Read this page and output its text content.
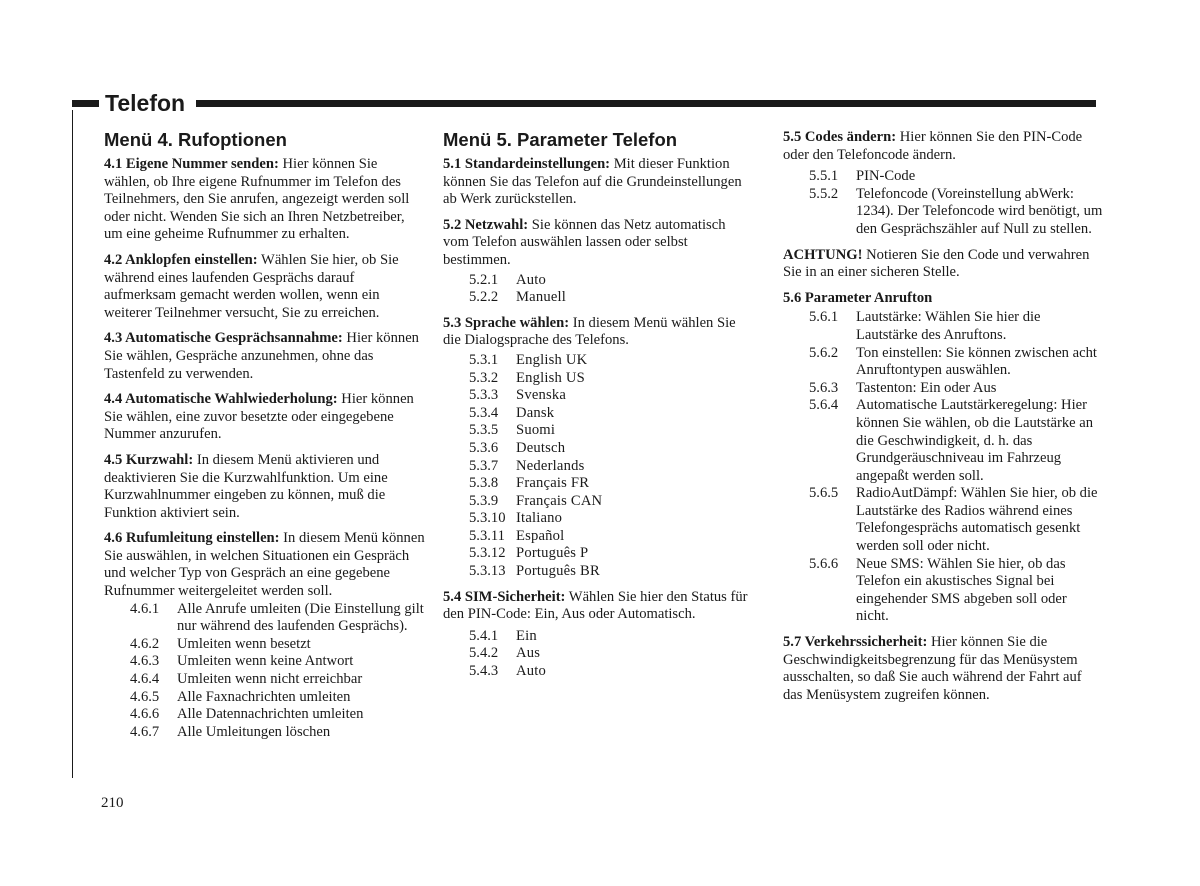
Telefon
Menü 4. Rufoptionen

4.1 Eigene Nummer senden: Hier können Sie wählen, ob Ihre eigene Rufnummer im Telefon des Teilnehmers, den Sie anrufen, angezeigt werden soll oder nicht. Wenden Sie sich an Ihren Netzbetreiber, um eine geheime Rufnummer zu erhalten.

4.2 Anklopfen einstellen: Wählen Sie hier, ob Sie während eines laufenden Gesprächs darauf aufmerksam gemacht werden wollen, wenn ein weiterer Teilnehmer versucht, Sie zu erreichen.

4.3 Automatische Gesprächsannahme: Hier können Sie wählen, Gespräche anzunehmen, ohne das Tastenfeld zu verwenden.

4.4 Automatische Wahlwiederholung: Hier können Sie wählen, eine zuvor besetzte oder eingegebene Nummer anzurufen.

4.5 Kurzwahl: In diesem Menü aktivieren und deaktivieren Sie die Kurzwahlfunktion. Um eine Kurzwahlnummer eingeben zu können, muß die Funktion aktiviert sein.

4.6 Rufumleitung einstellen: In diesem Menü können Sie auswählen, in welchen Situationen ein Gespräch und welcher Typ von Gespräch an eine gegebene Rufnummer weitergeleitet werden soll.

4.6.1	Alle Anrufe umleiten (Die Einstellung gilt nur während des laufenden Gesprächs).
4.6.2	Umleiten wenn besetzt
4.6.3	Umleiten wenn keine Antwort
4.6.4	Umleiten wenn nicht erreichbar
4.6.5	Alle Faxnachrichten umleiten
4.6.6	Alle Datennachrichten umleiten
4.6.7	Alle Umleitungen löschen
Menü 5. Parameter Telefon

5.1 Standardeinstellungen: Mit dieser Funktion können Sie das Telefon auf die Grundeinstellungen ab Werk zurückstellen.

5.2 Netzwahl: Sie können das Netz automatisch vom Telefon auswählen lassen oder selbst bestimmen.

5.2.1	Auto
5.2.2	Manuell

5.3 Sprache wählen: In diesem Menü wählen Sie die Dialogsprache des Telefons.

5.3.1	English UK
5.3.2	English US
5.3.3	Svenska
5.3.4	Dansk
5.3.5	Suomi
5.3.6	Deutsch
5.3.7	Nederlands
5.3.8	Français FR
5.3.9	Français CAN
5.3.10 Italiano
5.3.11 Español
5.3.12 Português P
5.3.13 Português BR

5.4 SIM-Sicherheit: Wählen Sie hier den Status für den PIN-Code: Ein, Aus oder Automatisch.

5.4.1	Ein
5.4.2	Aus
5.4.3	Auto

5.5 Codes ändern: Hier können Sie den PIN-Code oder den Telefoncode ändern.

5.5.1	PIN-Code
5.5.2	Telefoncode (Voreinstellung abWerk: 1234). Der Telefoncode wird benötigt, um den Gesprächszähler auf Null zu stellen.

ACHTUNG! Notieren Sie den Code und verwahren Sie in an einer sicheren Stelle.

5.6 Parameter Anrufton

5.6.1	Lautstärke: Wählen Sie hier die Lautstärke des Anruftons.
5.6.2	Ton einstellen: Sie können zwischen acht Anruftontypen auswählen.
5.6.3	Tastenton: Ein oder Aus
5.6.4	Automatische Lautstärkeregelung: Hier können Sie wählen, ob die Lautstärke an die Geschwindigkeit, d. h. das Grundgeräuschniveau im Fahrzeug angepaßt werden soll.
5.6.5	RadioAutDämpf: Wählen Sie hier, ob die Lautstärke des Radios während eines Telefongesprächs automatisch gesenkt werden soll oder nicht.
5.6.6	Neue SMS: Wählen Sie hier, ob das Telefon ein akustisches Signal bei eingehender SMS abgeben soll oder nicht.

5.7 Verkehrssicherheit: Hier können Sie die Geschwindigkeitsbegrenzung für das Menüsystem ausschalten, so daß Sie auch während der Fahrt auf das Menüsystem zugreifen können.

210
